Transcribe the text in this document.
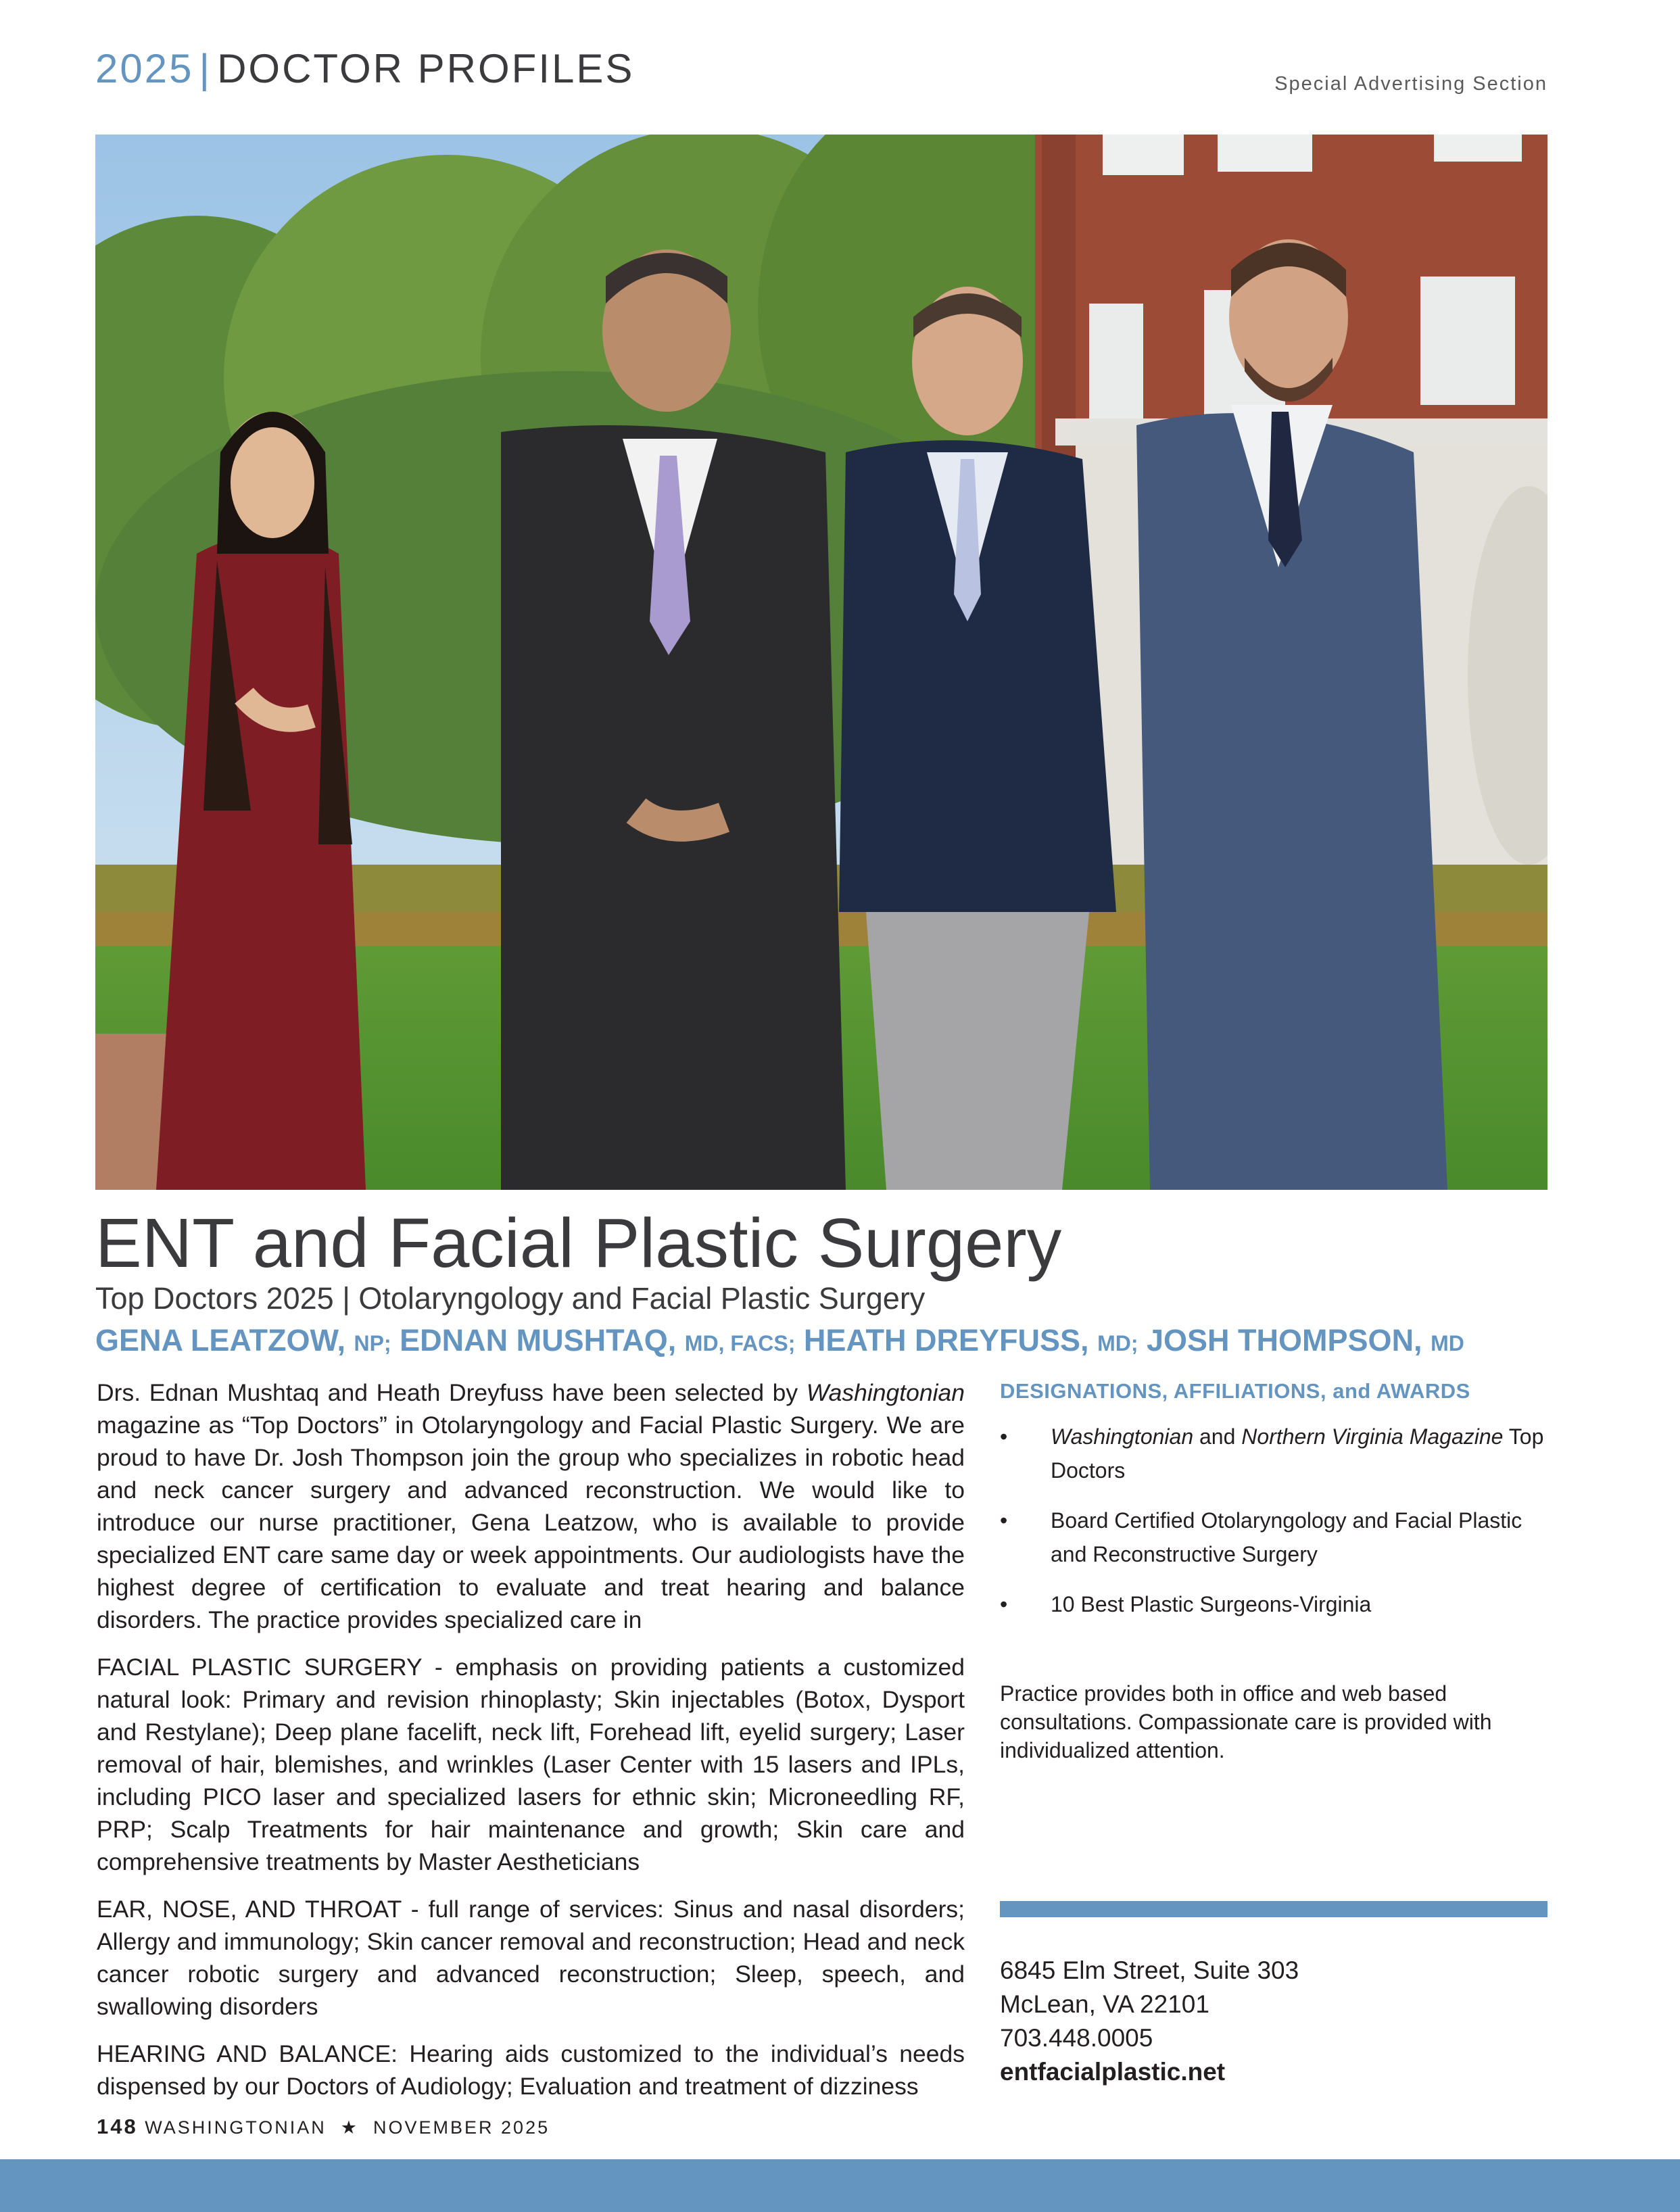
2025 | DOCTOR PROFILES	Special Advertising Section
ENT and Facial Plastic Surgery
Top Doctors 2025 | Otolaryngology and Facial Plastic Surgery
GENA LEATZOW, NP; EDNAN MUSHTAQ, MD, FACS; HEATH DREYFUSS, MD; JOSH THOMPSON, MD

Drs. Ednan Mushtaq and Heath Dreyfuss have been selected by Washingtonian magazine as “Top Doctors” in Otolaryngology and Facial Plastic Surgery. We are proud to have Dr. Josh Thompson join the group who specializes in robotic head and neck cancer surgery and advanced reconstruction. We would like to introduce our nurse practitioner, Gena Leatzow, who is available to provide specialized ENT care same day or week appointments. Our audiologists have the highest degree of certification to evaluate and treat hearing and balance disorders. The practice provides specialized care in

FACIAL PLASTIC SURGERY - emphasis on providing patients a customized natural look: Primary and revision rhinoplasty; Skin injectables (Botox, Dysport and Restylane); Deep plane facelift, neck lift, Forehead lift, eyelid surgery; Laser removal of hair, blemishes, and wrinkles (Laser Center with 15 lasers and IPLs, including PICO laser and specialized lasers for ethnic skin; Microneedling RF, PRP; Scalp Treatments for hair maintenance and growth; Skin care and comprehensive treatments by Master Aestheticians

EAR, NOSE, AND THROAT - full range of services: Sinus and nasal disorders; Allergy and immunology; Skin cancer removal and reconstruction; Head and neck cancer robotic surgery and advanced reconstruction; Sleep, speech, and swallowing disorders

HEARING AND BALANCE: Hearing aids customized to the individual’s needs dispensed by our Doctors of Audiology; Evaluation and treatment of dizziness

DESIGNATIONS, AFFILIATIONS, and AWARDS
•	Washingtonian and Northern Virginia Magazine Top Doctors
•	Board Certified Otolaryngology and Facial Plastic and Reconstructive Surgery
•	10 Best Plastic Surgeons-Virginia
Practice provides both in office and web based consultations. Compassionate care is provided with individualized attention.
6845 Elm Street, Suite 303
McLean, VA 22101
703.448.0005
entfacialplastic.net
148 WASHINGTONIAN ★ NOVEMBER 2025
